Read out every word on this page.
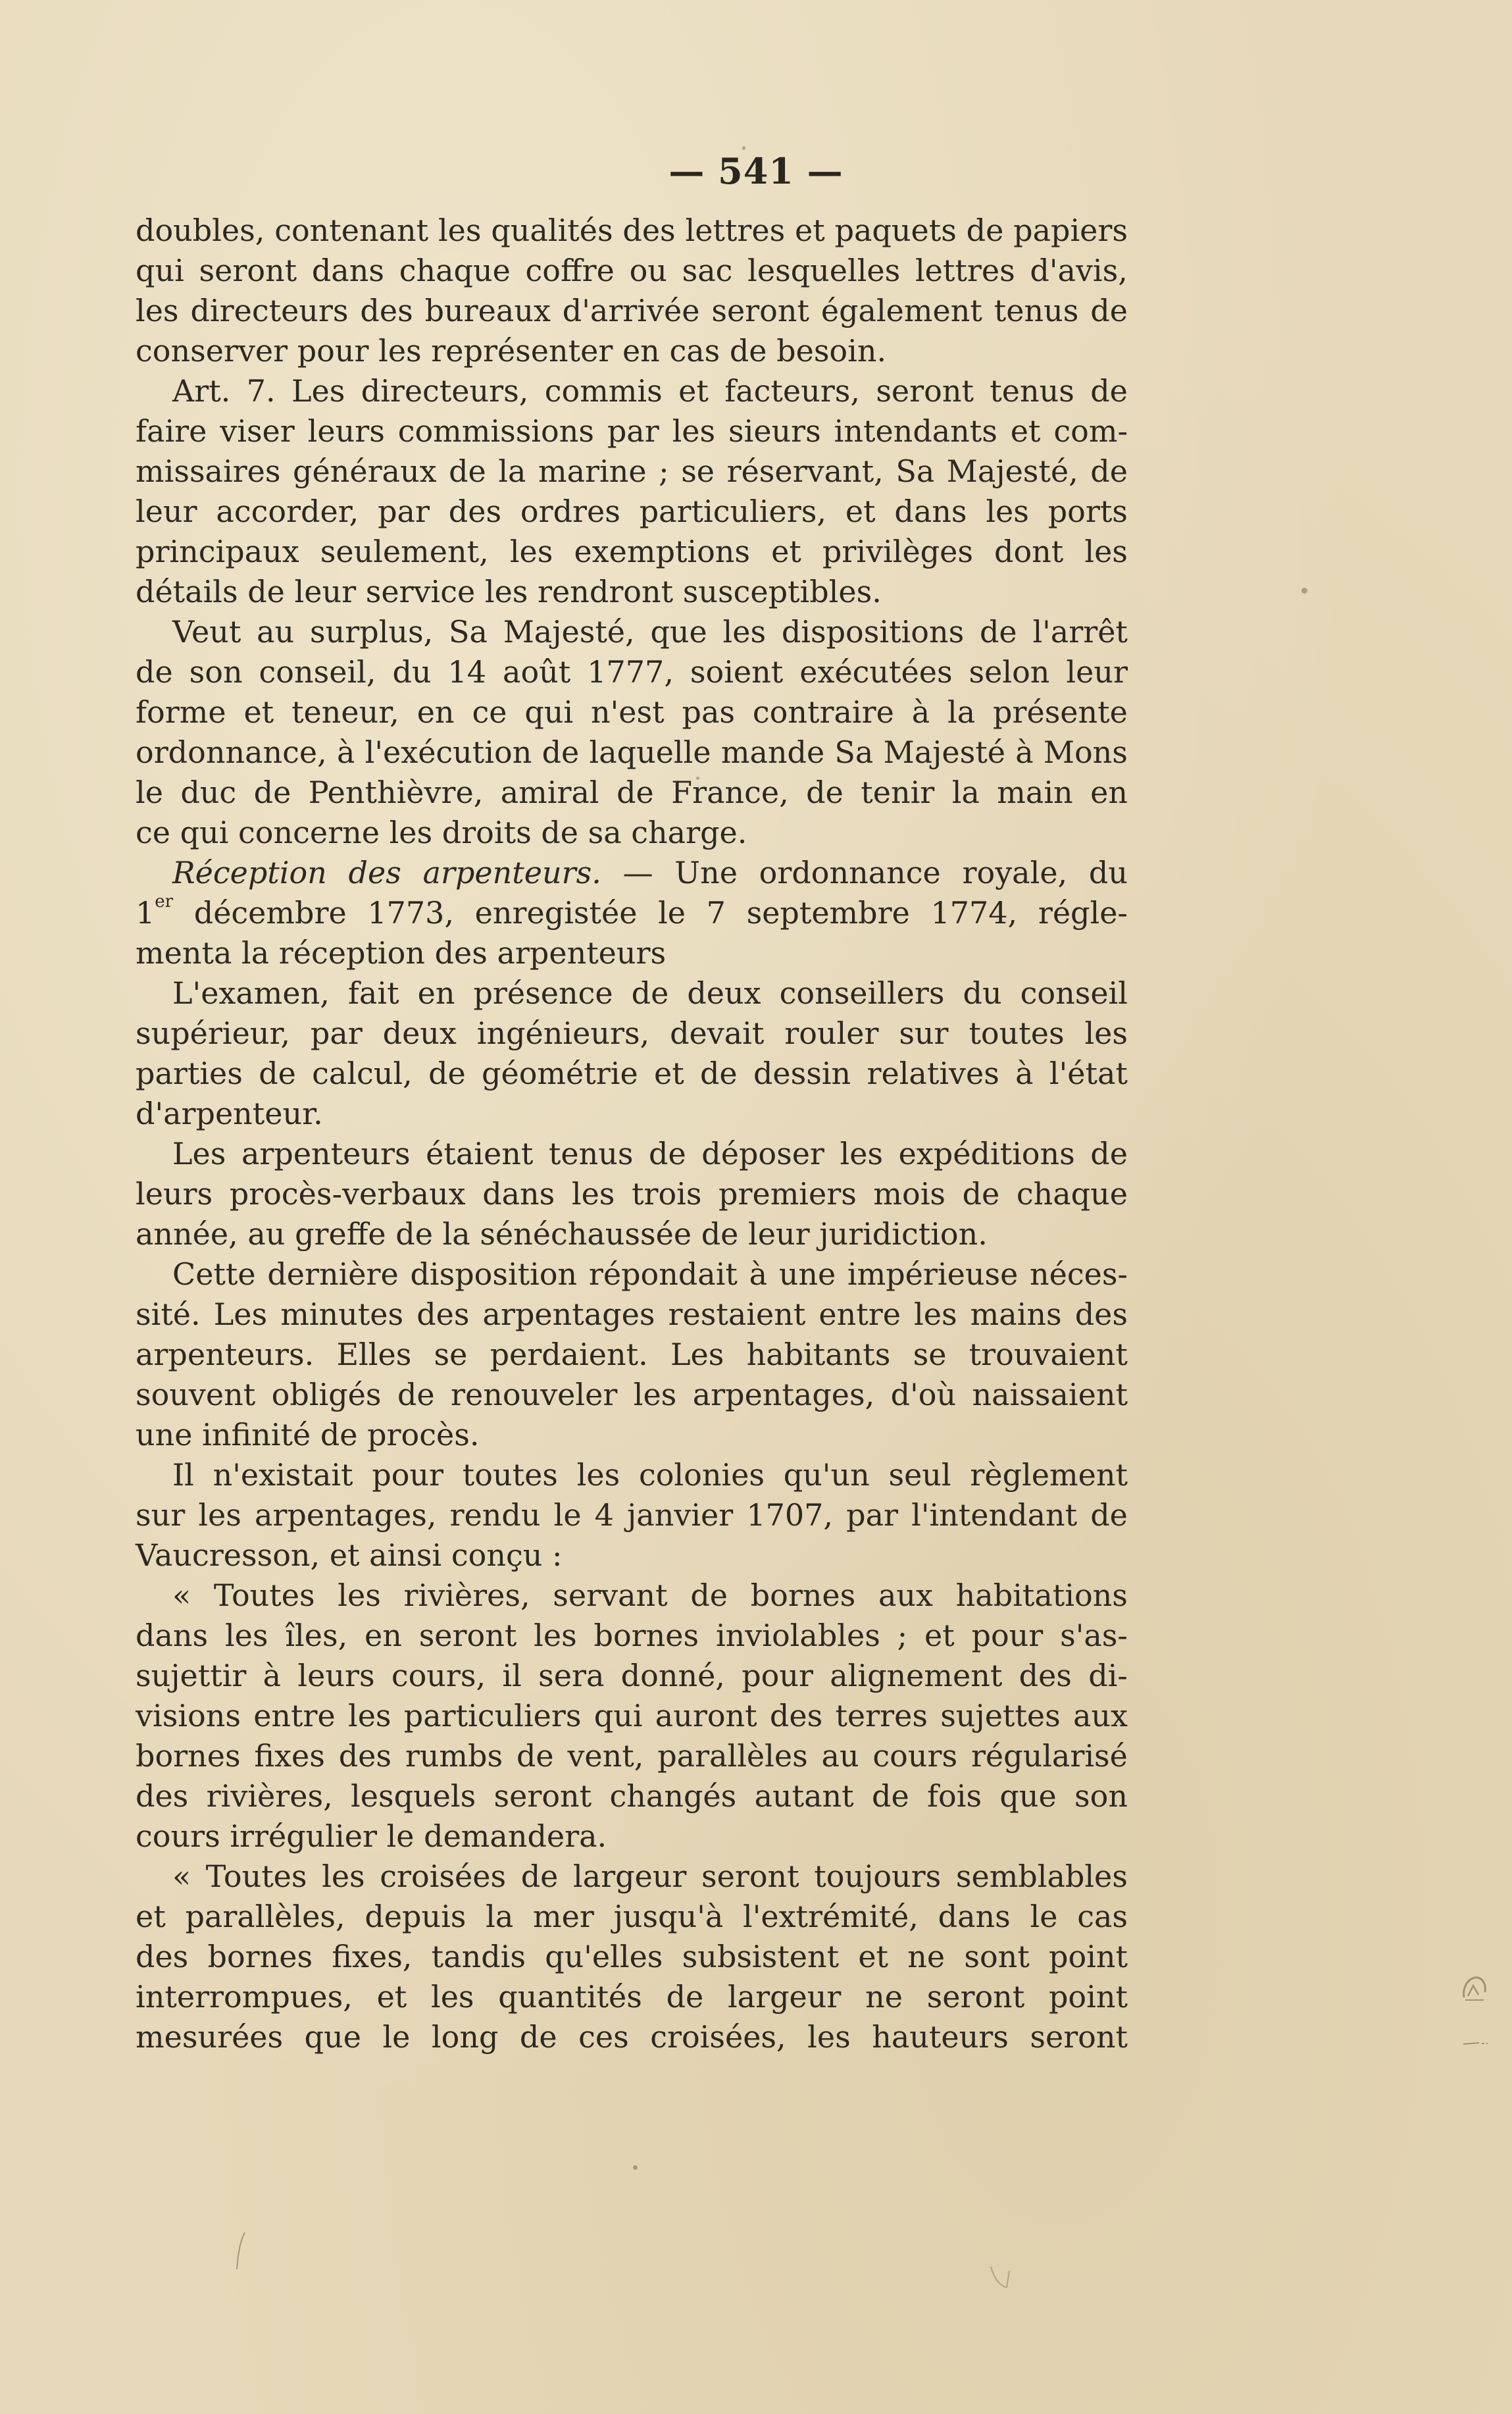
— 541 —
doubles, contenant les qualités des lettres et paquets de papiers
qui seront dans chaque coffre ou sac lesquelles lettres d'avis,
les directeurs des bureaux d'arrivée seront également tenus de
conserver
pour
les
représenter
en
cas
de
besoin.
Art. 7. Les directeurs, commis et facteurs, seront tenus de
faire viser leurs commissions par les sieurs intendants et com-
missaires généraux de la marine ; se réservant, Sa Majesté, de
leur accorder, par des ordres particuliers, et dans les ports
principaux seulement, les exemptions et privilèges dont les
détails
de
leur
service
les
rendront
susceptibles.
Veut au surplus, Sa Majesté, que les dispositions de l'arrêt
de son conseil, du 14 août 1777, soient exécutées selon leur
forme et teneur, en ce qui n'est pas contraire à la présente
ordonnance, à l'exécution de laquelle mande Sa Majesté à Mons
le duc de Penthièvre, amiral de France, de tenir la main en
ce
qui
concerne
les
droits
de
sa
charge.
Réception des arpenteurs. — Une ordonnance royale, du
1er décembre 1773, enregistée le 7 septembre 1774, régle-
menta
la
réception
des
arpenteurs
L'examen, fait en présence de deux conseillers du conseil
supérieur, par deux ingénieurs, devait rouler sur toutes les
parties de calcul, de géométrie et de dessin relatives à l'état
d'arpenteur.
Les arpenteurs étaient tenus de déposer les expéditions de
leurs procès-verbaux dans les trois premiers mois de chaque
année,
au
greffe
de
la
sénéchaussée
de
leur
juridiction.
Cette dernière disposition répondait à une impérieuse néces-
sité. Les minutes des arpentages restaient entre les mains des
arpenteurs. Elles se perdaient. Les habitants se trouvaient
souvent obligés de renouveler les arpentages, d'où naissaient
une
infinité
de
procès.
Il n'existait pour toutes les colonies qu'un seul règlement
sur les arpentages, rendu le 4 janvier 1707, par l'intendant de
Vaucresson,
et
ainsi
conçu
:
« Toutes les rivières, servant de bornes aux habitations
dans les îles, en seront les bornes inviolables ; et pour s'as-
sujettir à leurs cours, il sera donné, pour alignement des di-
visions entre les particuliers qui auront des terres sujettes aux
bornes fixes des rumbs de vent, parallèles au cours régularisé
des rivières, lesquels seront changés autant de fois que son
cours
irrégulier
le
demandera.
« Toutes les croisées de largeur seront toujours semblables
et parallèles, depuis la mer jusqu'à l'extrémité, dans le cas
des bornes fixes, tandis qu'elles subsistent et ne sont point
interrompues, et les quantités de largeur ne seront point
mesurées que le long de ces croisées, les hauteurs seront
